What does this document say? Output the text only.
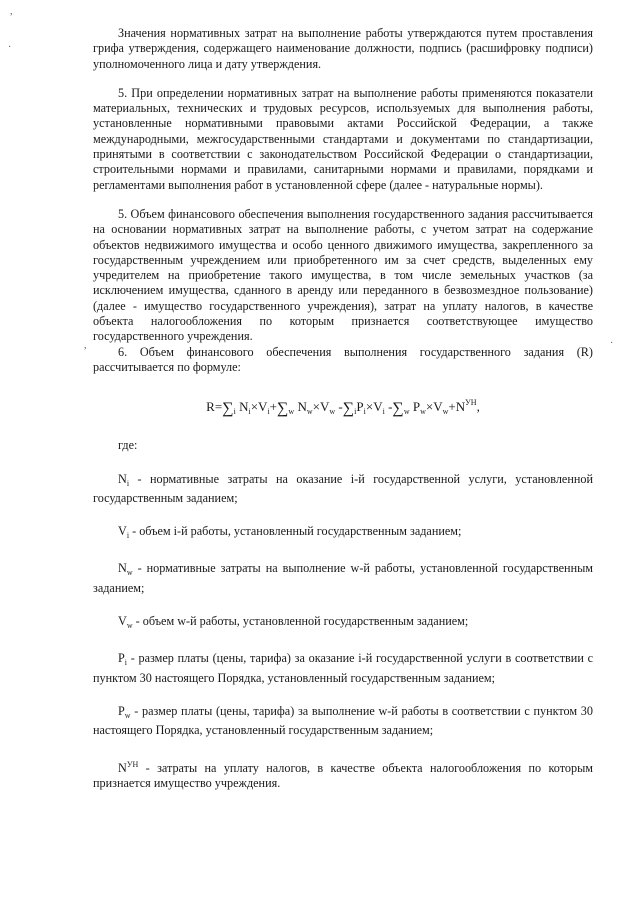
,
·
,	·

Значения нормативных затрат на выполнение работы утверждаются путем проставления грифа утверждения, содержащего наименование должности, подпись (расшифровку подписи) уполномоченного лица и дату утверждения.

5. При определении нормативных затрат на выполнение работы применяются показатели материальных, технических и трудовых ресурсов, используемых для выполнения работы, установленные нормативными правовыми актами Российской Федерации, а также международными, межгосударственными стандартами и документами по стандартизации, принятыми в соответствии с законодательством Российской Федерации о стандартизации, строительными нормами и правилами, санитарными нормами и правилами, порядками и регламентами выполнения работ в установленной сфере (далее - натуральные нормы).

5. Объем финансового обеспечения выполнения государственного задания рассчитывается на основании нормативных затрат на выполнение работы, с учетом затрат на содержание объектов недвижимого имущества и особо ценного движимого имущества, закрепленного за государственным учреждением или приобретенного им за счет средств, выделенных ему учредителем на приобретение такого имущества, в том числе земельных участков (за исключением имущества, сданного в аренду или переданного в безвозмездное пользование) (далее - имущество государственного учреждения), затрат на уплату налогов, в качестве объекта налогообложения по которым признается соответствующее имущество государственного учреждения.

6. Объем финансового обеспечения выполнения государственного задания (R) рассчитывается по формуле:

$R=\sum_i$ $N_i\times V_i+\sum_w$ $N_w\times V_w$ $-\sum_iP_i\times V_i$ $-\sum_w$ $P_w\times V_w+N^{УН}$,

где:

$N_i$ - нормативные затраты на оказание i-й государственной услуги, установленной государственным заданием;

$V_i$ - объем i-й работы, установленный государственным заданием;

$N_w$ - нормативные затраты на выполнение w-й работы, установленной государственным заданием;

$V_w$ - объем w-й работы, установленной государственным заданием;

$P_i$ - размер платы (цены, тарифа) за оказание i-й государственной услуги в соответствии с пунктом 30 настоящего Порядка, установленный государственным заданием;

$P_w$ - размер платы (цены, тарифа) за выполнение w-й работы в соответствии с пунктом 30 настоящего Порядка, установленный государственным заданием;

$N^{УН}$ - затраты на уплату налогов, в качестве объекта налогообложения по которым признается имущество учреждения.
